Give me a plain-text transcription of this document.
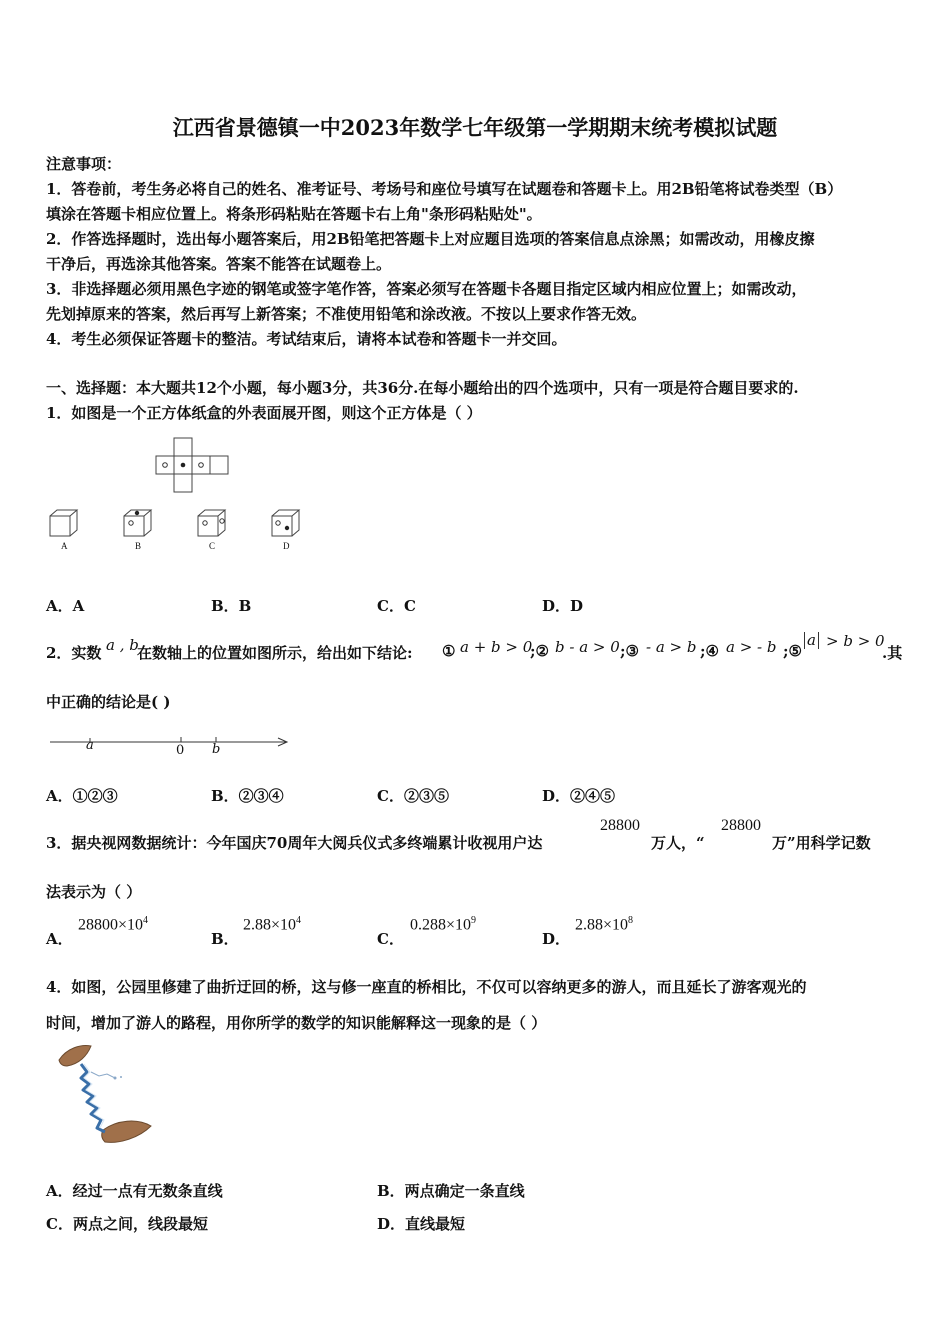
江西省景德镇一中2023年数学七年级第一学期期末统考模拟试题
注意事项：
1．答卷前，考生务必将自己的姓名、准考证号、考场号和座位号填写在试题卷和答题卡上。用2B铅笔将试卷类型（B）
填涂在答题卡相应位置上。将条形码粘贴在答题卡右上角"条形码粘贴处"。
2．作答选择题时，选出每小题答案后，用2B铅笔把答题卡上对应题目选项的答案信息点涂黑；如需改动，用橡皮擦
干净后，再选涂其他答案。答案不能答在试题卷上。
3．非选择题必须用黑色字迹的钢笔或签字笔作答，答案必须写在答题卡各题目指定区域内相应位置上；如需改动，
先划掉原来的答案，然后再写上新答案；不准使用铅笔和涂改液。不按以上要求作答无效。
4．考生必须保证答题卡的整洁。考试结束后，请将本试卷和答题卡一并交回。
一、选择题：本大题共12个小题，每小题3分，共36分.在每小题给出的四个选项中，只有一项是符合题目要求的.
1．如图是一个正方体纸盒的外表面展开图，则这个正方体是（ ）
A	B	C	D
A．A	B．B	C．C	D．D
2．实数 a , b
在数轴上的位置如图所示，给出如下结论: ① a + b > 0
;② b - a > 0 ;③ - a > b ;④ a > - b ;⑤
a > b > 0
.其
中正确的结论是( )
a	0 b
A．①②③	B．②③④	C．②③⑤	D．②④⑤
3．据央视网数据统计：今年国庆70周年大阅兵仪式多终端累计收视用户达
28800
万人，“
28800
万”用科学记数
法表示为（ ）
A．
$28800\times 10^4$
B．
$2.88\times 10^4$
C．
$0.288\times 10^9$
D．
$2.88\times 10^8$
4．如图，公园里修建了曲折迂回的桥，这与修一座直的桥相比，不仅可以容纳更多的游人，而且延长了游客观光的
时间，增加了游人的路程，用你所学的数学的知识能解释这一现象的是（ ）
A．经过一点有无数条直线	B．两点确定一条直线
C．两点之间，线段最短	D．直线最短
